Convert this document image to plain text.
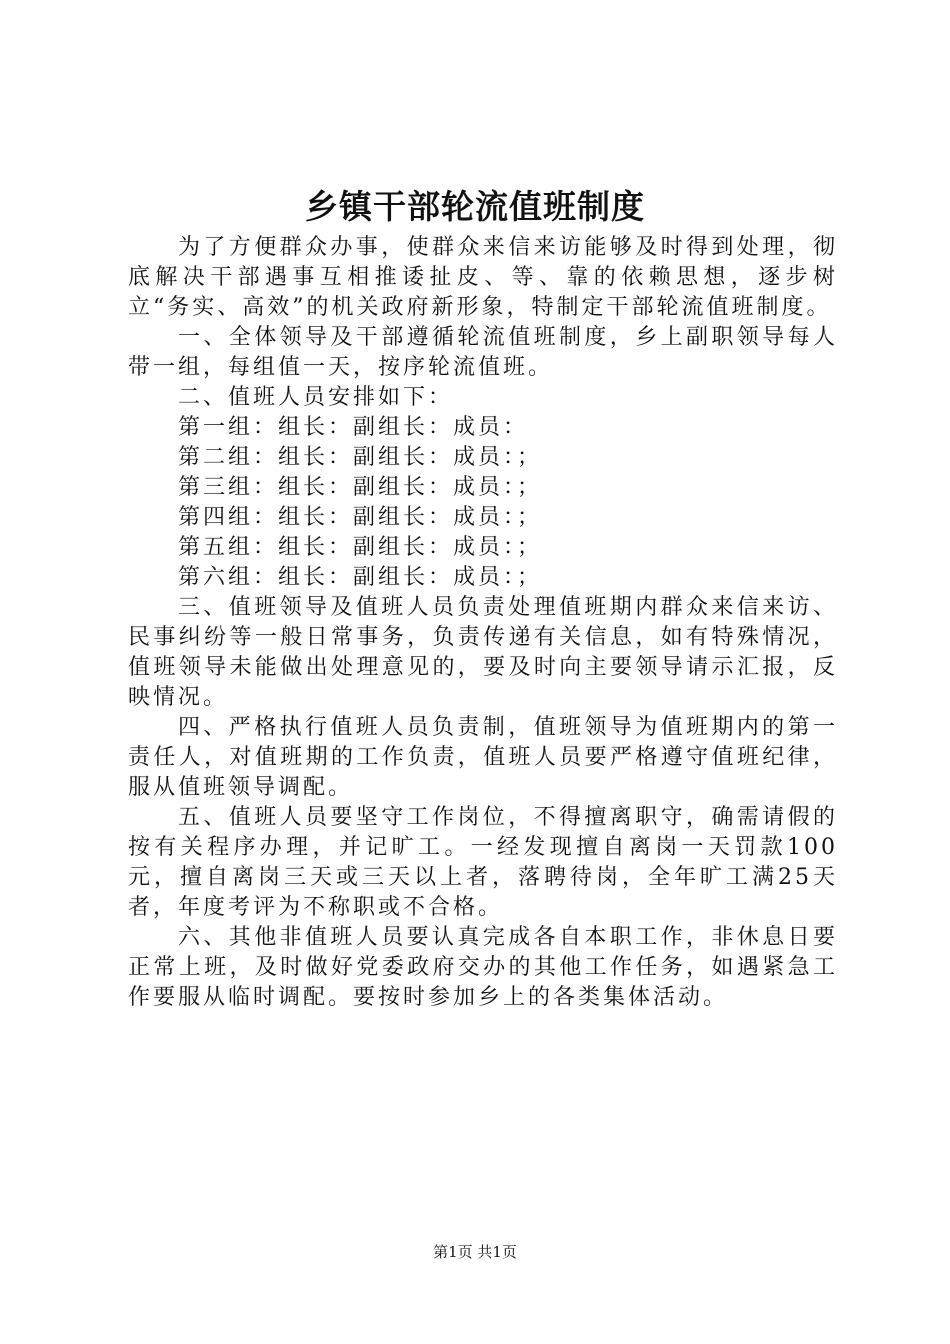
乡镇干部轮流值班制度

为了方便群众办事，使群众来信来访能够及时得到处理，彻底解决干部遇事互相推诿扯皮、等、靠的依赖思想，逐步树立“务实、高效”的机关政府新形象，特制定干部轮流值班制度。

一、全体领导及干部遵循轮流值班制度，乡上副职领导每人带一组，每组值一天，按序轮流值班。

二、值班人员安排如下：

第一组：组长：副组长：成员：

第二组：组长：副组长：成员：；

第三组：组长：副组长：成员：；

第四组：组长：副组长：成员：；

第五组：组长：副组长：成员：；

第六组：组长：副组长：成员：；

三、值班领导及值班人员负责处理值班期内群众来信来访、民事纠纷等一般日常事务，负责传递有关信息，如有特殊情况，值班领导未能做出处理意见的，要及时向主要领导请示汇报，反映情况。

四、严格执行值班人员负责制，值班领导为值班期内的第一责任人，对值班期的工作负责，值班人员要严格遵守值班纪律，服从值班领导调配。

五、值班人员要坚守工作岗位，不得擅离职守，确需请假的按有关程序办理，并记旷工。一经发现擅自离岗一天罚款100元，擅自离岗三天或三天以上者，落聘待岗，全年旷工满25天者，年度考评为不称职或不合格。

六、其他非值班人员要认真完成各自本职工作，非休息日要正常上班，及时做好党委政府交办的其他工作任务，如遇紧急工作要服从临时调配。要按时参加乡上的各类集体活动。

第1页 共1页
